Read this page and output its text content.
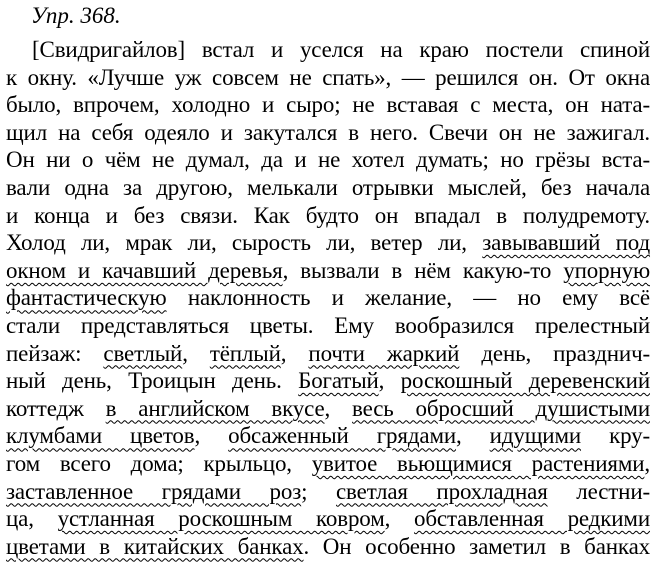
Упр. 368.
[Свидригайлов] встал и уселся на краю постели спиной
к окну. «Лучше уж совсем не спать», — решился он. От окна
было, впрочем, холодно и сыро; не вставая с места, он ната-
щил на себя одеяло и закутался в него. Свечи он не зажигал.
Он ни о чём не думал, да и не хотел думать; но грёзы вста-
вали одна за другою, мелькали отрывки мыслей, без начала
и конца и без связи. Как будто он впадал в полудремоту.
Холод ли, мрак ли, сырость ли, ветер ли, завывавший под
окном и качавший деревья, вызвали в нём какую-то упорную
фантастическую наклонность и желание, — но ему всё
стали представляться цветы. Ему вообразился прелестный
пейзаж: светлый, тёплый, почти жаркий день, празднич-
ный день, Троицын день. Богатый, роскошный деревенский
коттедж в английском вкусе, весь обросший душистыми
клумбами цветов, обсаженный грядами, идущими кру-
гом всего дома; крыльцо, увитое вьющимися растениями,
заставленное грядами роз; светлая прохладная лестни-
ца, устланная роскошным ковром, обставленная редкими
цветами в китайских банках. Он особенно заметил в банках
